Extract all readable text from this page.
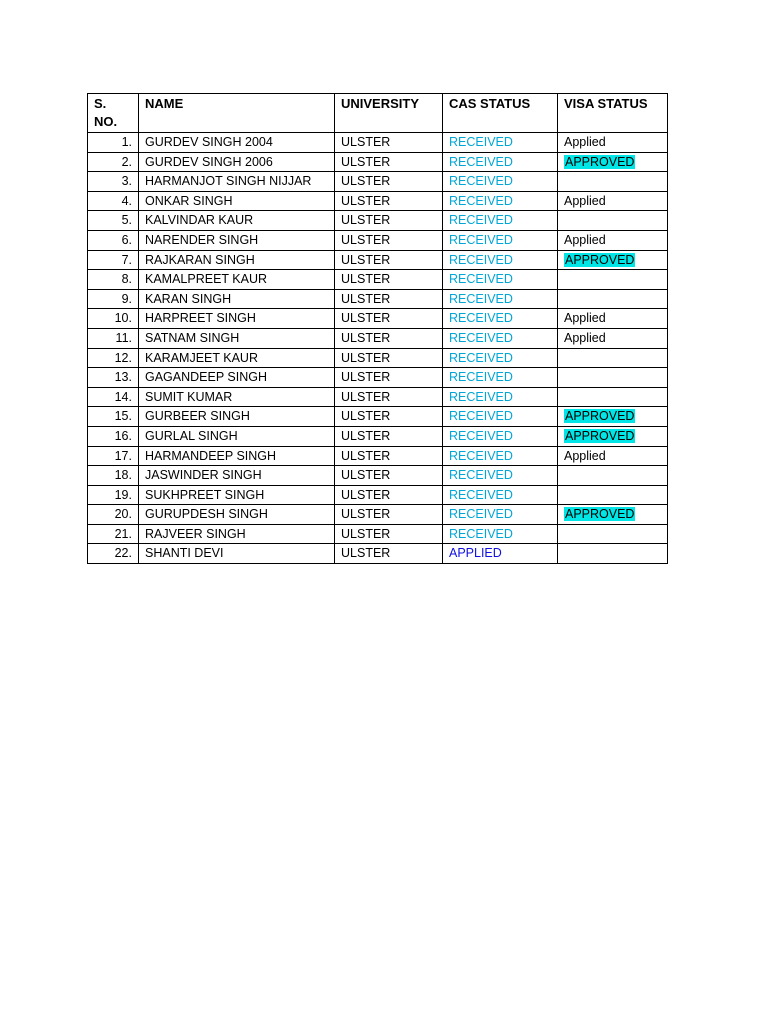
S. NO.	NAME	UNIVERSITY	CAS STATUS	VISA STATUS
1.	GURDEV SINGH 2004	ULSTER	RECEIVED	Applied
2.	GURDEV SINGH 2006	ULSTER	RECEIVED	APPROVED
3.	HARMANJOT SINGH NIJJAR	ULSTER	RECEIVED	
4.	ONKAR SINGH	ULSTER	RECEIVED	Applied
5.	KALVINDAR KAUR	ULSTER	RECEIVED	
6.	NARENDER SINGH	ULSTER	RECEIVED	Applied
7.	RAJKARAN SINGH	ULSTER	RECEIVED	APPROVED
8.	KAMALPREET KAUR	ULSTER	RECEIVED	
9.	KARAN SINGH	ULSTER	RECEIVED	
10.	HARPREET SINGH	ULSTER	RECEIVED	Applied
11.	SATNAM SINGH	ULSTER	RECEIVED	Applied
12.	KARAMJEET KAUR	ULSTER	RECEIVED	
13.	GAGANDEEP SINGH	ULSTER	RECEIVED	
14.	SUMIT KUMAR	ULSTER	RECEIVED	
15.	GURBEER SINGH	ULSTER	RECEIVED	APPROVED
16.	GURLAL SINGH	ULSTER	RECEIVED	APPROVED
17.	HARMANDEEP SINGH	ULSTER	RECEIVED	Applied
18.	JASWINDER SINGH	ULSTER	RECEIVED	
19.	SUKHPREET SINGH	ULSTER	RECEIVED	
20.	GURUPDESH SINGH	ULSTER	RECEIVED	APPROVED
21.	RAJVEER SINGH	ULSTER	RECEIVED	
22.	SHANTI DEVI	ULSTER	APPLIED	
